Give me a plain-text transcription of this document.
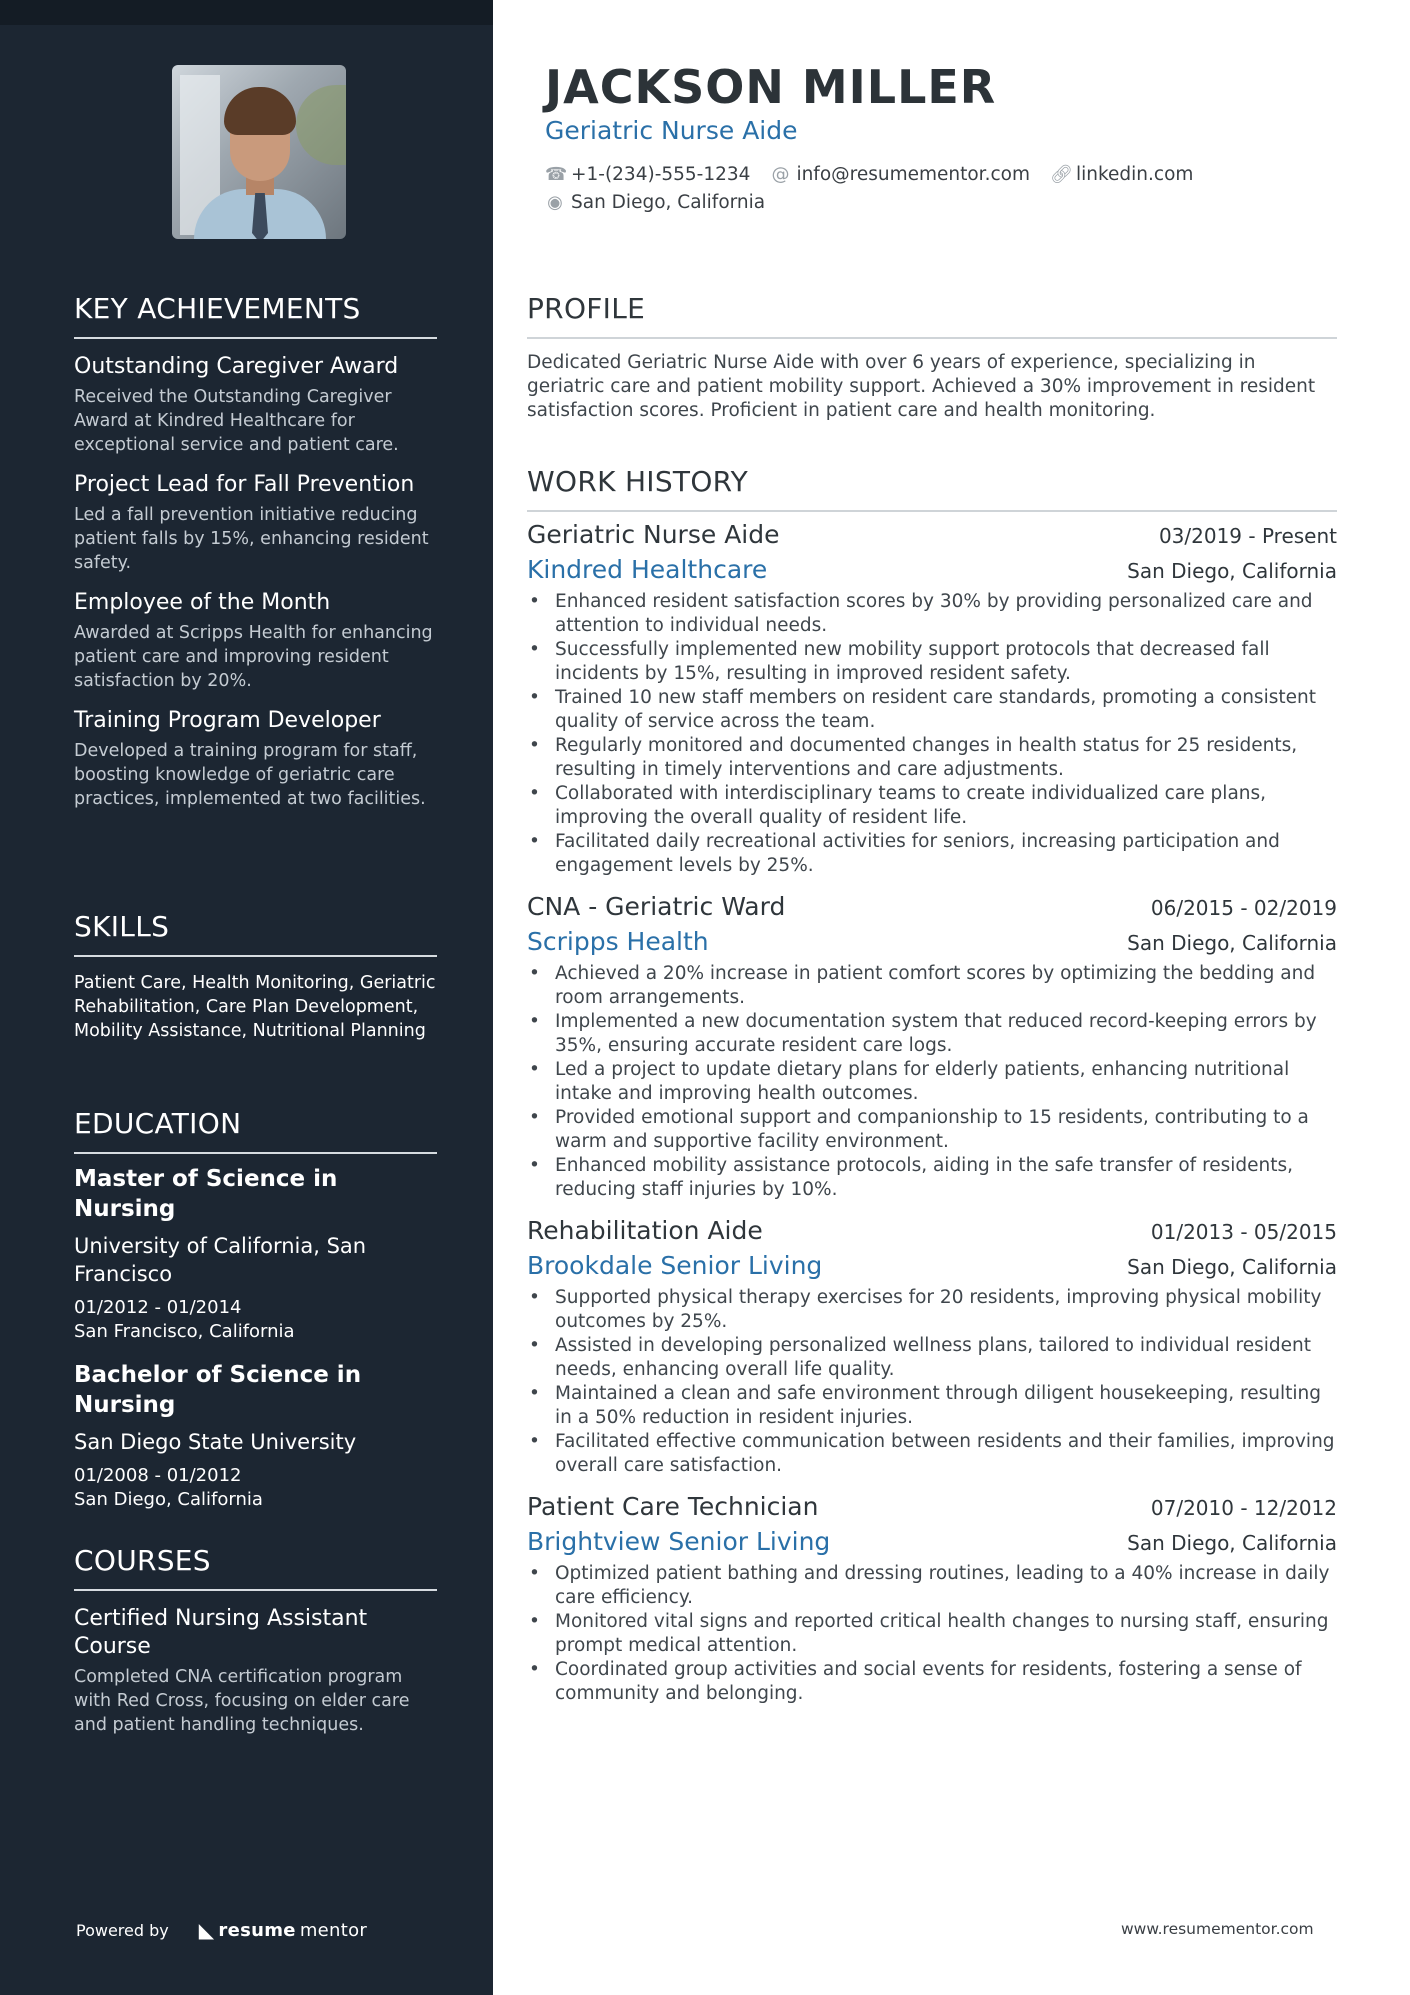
KEY ACHIEVEMENTS
Outstanding Caregiver Award
Received the Outstanding Caregiver Award at Kindred Healthcare for exceptional service and patient care.
Project Lead for Fall Prevention
Led a fall prevention initiative reducing patient falls by 15%, enhancing resident safety.
Employee of the Month
Awarded at Scripps Health for enhancing patient care and improving resident satisfaction by 20%.
Training Program Developer
Developed a training program for staff, boosting knowledge of geriatric care practices, implemented at two facilities.
SKILLS
Patient Care, Health Monitoring, Geriatric Rehabilitation, Care Plan Development, Mobility Assistance, Nutritional Planning
EDUCATION
Master of Science in Nursing
University of California, San Francisco
01/2012 - 01/2014
San Francisco, California
Bachelor of Science in Nursing
San Diego State University
01/2008 - 01/2012
San Diego, California
COURSES
Certified Nursing Assistant Course
Completed CNA certification program with Red Cross, focusing on elder care and patient handling techniques.
Powered by ◣ resume mentor
JACKSON MILLER
Geriatric Nurse Aide
☎ +1-(234)-555-1234 @ info@resumementor.com 🔗︎ linkedin.com
◉ San Diego, California
PROFILE
Dedicated Geriatric Nurse Aide with over 6 years of experience, specializing in geriatric care and patient mobility support. Achieved a 30% improvement in resident satisfaction scores. Proficient in patient care and health monitoring.
WORK HISTORY
Geriatric Nurse Aide	03/2019 - Present
Kindred Healthcare	San Diego, California
• Enhanced resident satisfaction scores by 30% by providing personalized care and attention to individual needs.
• Successfully implemented new mobility support protocols that decreased fall incidents by 15%, resulting in improved resident safety.
• Trained 10 new staff members on resident care standards, promoting a consistent quality of service across the team.
• Regularly monitored and documented changes in health status for 25 residents, resulting in timely interventions and care adjustments.
• Collaborated with interdisciplinary teams to create individualized care plans, improving the overall quality of resident life.
• Facilitated daily recreational activities for seniors, increasing participation and engagement levels by 25%.
CNA - Geriatric Ward	06/2015 - 02/2019
Scripps Health	San Diego, California
• Achieved a 20% increase in patient comfort scores by optimizing the bedding and room arrangements.
• Implemented a new documentation system that reduced record-keeping errors by 35%, ensuring accurate resident care logs.
• Led a project to update dietary plans for elderly patients, enhancing nutritional intake and improving health outcomes.
• Provided emotional support and companionship to 15 residents, contributing to a warm and supportive facility environment.
• Enhanced mobility assistance protocols, aiding in the safe transfer of residents, reducing staff injuries by 10%.
Rehabilitation Aide	01/2013 - 05/2015
Brookdale Senior Living	San Diego, California
• Supported physical therapy exercises for 20 residents, improving physical mobility outcomes by 25%.
• Assisted in developing personalized wellness plans, tailored to individual resident needs, enhancing overall life quality.
• Maintained a clean and safe environment through diligent housekeeping, resulting in a 50% reduction in resident injuries.
• Facilitated effective communication between residents and their families, improving overall care satisfaction.
Patient Care Technician	07/2010 - 12/2012
Brightview Senior Living	San Diego, California
• Optimized patient bathing and dressing routines, leading to a 40% increase in daily care efficiency.
• Monitored vital signs and reported critical health changes to nursing staff, ensuring prompt medical attention.
• Coordinated group activities and social events for residents, fostering a sense of community and belonging.
www.resumementor.com
